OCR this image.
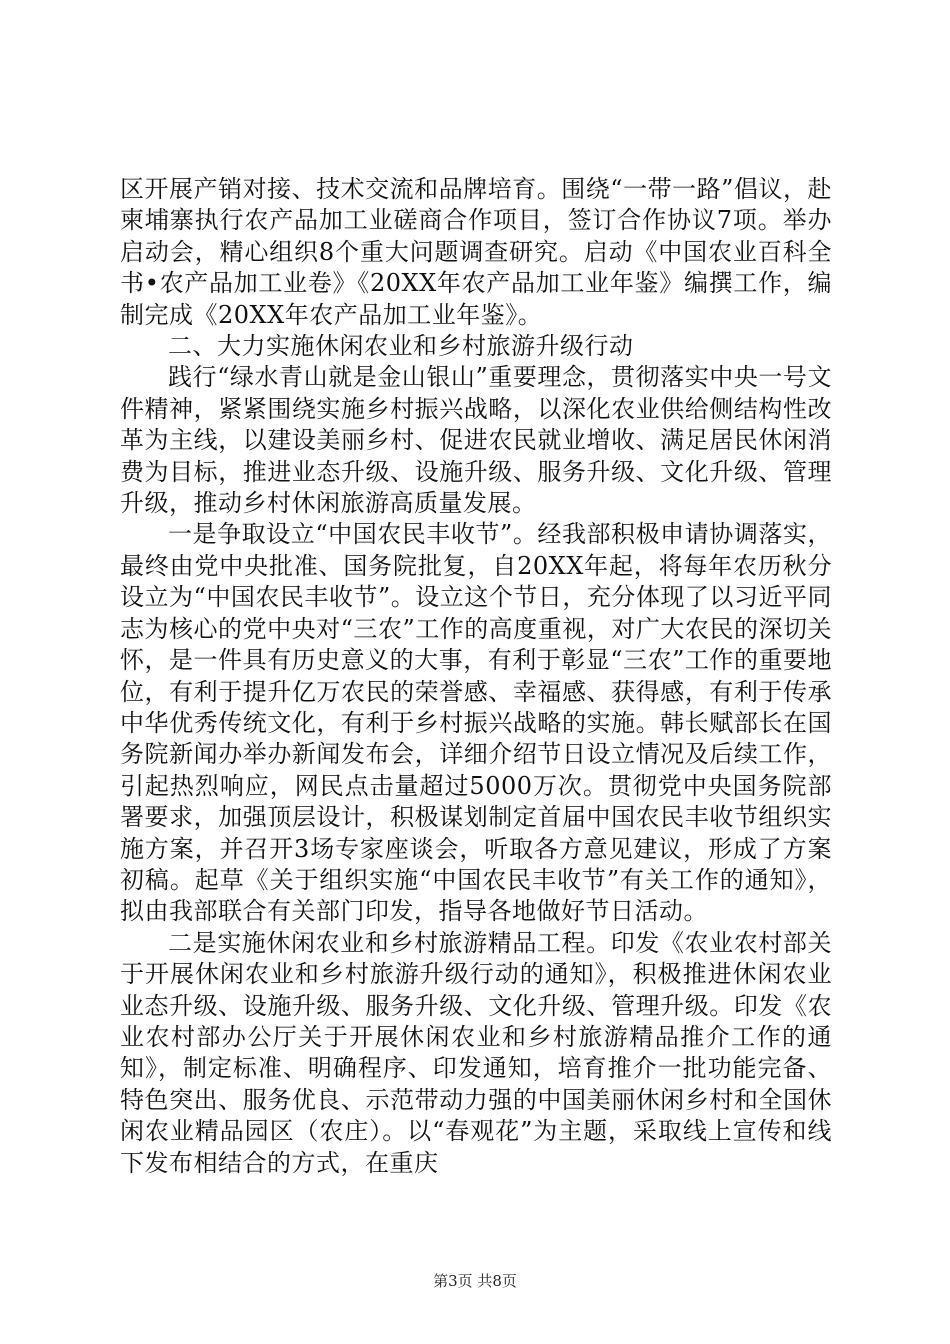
区开展产销对接、技术交流和品牌培育。围绕“一带一路”倡议，赴柬埔寨执行农产品加工业磋商合作项目，签订合作协议7项。举办启动会，精心组织8个重大问题调查研究。启动《中国农业百科全书•农产品加工业卷》《20XX年农产品加工业年鉴》编撰工作，编制完成《20XX年农产品加工业年鉴》。

二、大力实施休闲农业和乡村旅游升级行动

践行“绿水青山就是金山银山”重要理念，贯彻落实中央一号文件精神，紧紧围绕实施乡村振兴战略，以深化农业供给侧结构性改革为主线，以建设美丽乡村、促进农民就业增收、满足居民休闲消费为目标，推进业态升级、设施升级、服务升级、文化升级、管理升级，推动乡村休闲旅游高质量发展。

一是争取设立“中国农民丰收节”。经我部积极申请协调落实，最终由党中央批准、国务院批复，自20XX年起，将每年农历秋分设立为“中国农民丰收节”。设立这个节日，充分体现了以习近平同志为核心的党中央对“三农”工作的高度重视，对广大农民的深切关怀，是一件具有历史意义的大事，有利于彰显“三农”工作的重要地位，有利于提升亿万农民的荣誉感、幸福感、获得感，有利于传承中华优秀传统文化，有利于乡村振兴战略的实施。韩长赋部长在国务院新闻办举办新闻发布会，详细介绍节日设立情况及后续工作，引起热烈响应，网民点击量超过5000万次。贯彻党中央国务院部署要求，加强顶层设计，积极谋划制定首届中国农民丰收节组织实施方案，并召开3场专家座谈会，听取各方意见建议，形成了方案初稿。起草《关于组织实施“中国农民丰收节”有关工作的通知》，拟由我部联合有关部门印发，指导各地做好节日活动。

二是实施休闲农业和乡村旅游精品工程。印发《农业农村部关于开展休闲农业和乡村旅游升级行动的通知》，积极推进休闲农业业态升级、设施升级、服务升级、文化升级、管理升级。印发《农业农村部办公厅关于开展休闲农业和乡村旅游精品推介工作的通知》，制定标准、明确程序、印发通知，培育推介一批功能完备、特色突出、服务优良、示范带动力强的中国美丽休闲乡村和全国休闲农业精品园区（农庄）。以“春观花”为主题，采取线上宣传和线下发布相结合的方式，在重庆

第3页 共8页
